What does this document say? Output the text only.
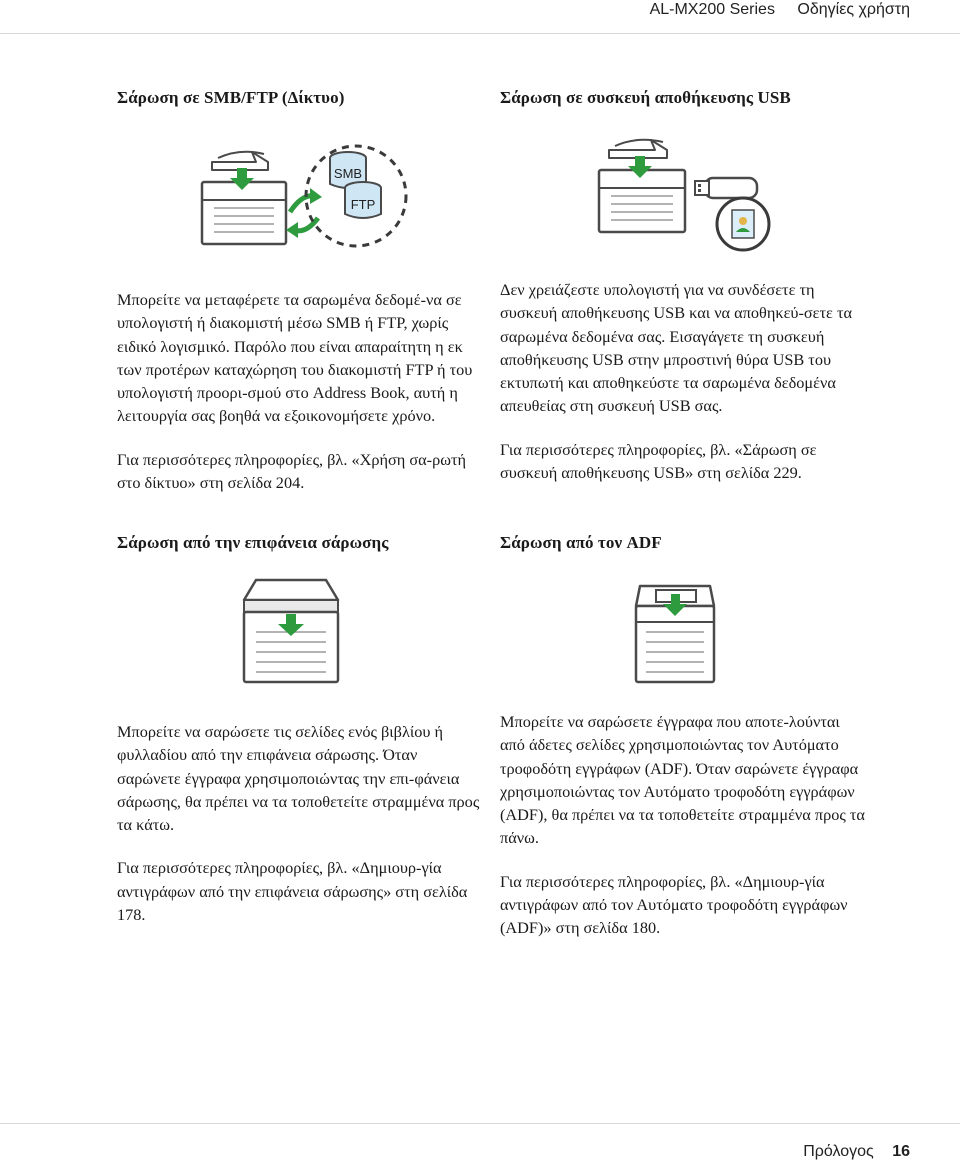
AL-MX200 Series Οδηγίες χρήστη
Σάρωση σε SMB/FTP (Δίκτυο)
SMB
FTP

Μπορείτε να μεταφέρετε τα σαρωμένα δεδομέ-να σε υπολογιστή ή διακομιστή μέσω SMB ή FTP, χωρίς ειδικό λογισμικό. Παρόλο που είναι απαραίτητη η εκ των προτέρων καταχώρηση του διακομιστή FTP ή του υπολογιστή προορι-σμού στο Address Book, αυτή η λειτουργία σας βοηθά να εξοικονομήσετε χρόνο.

Για περισσότερες πληροφορίες, βλ. «Χρήση σα-ρωτή στο δίκτυο» στη σελίδα 204.

Σάρωση σε συσκευή αποθήκευσης USB

Δεν χρειάζεστε υπολογιστή για να συνδέσετε τη συσκευή αποθήκευσης USB και να αποθηκεύ-σετε τα σαρωμένα δεδομένα σας. Εισαγάγετε τη συσκευή αποθήκευσης USB στην μπροστινή θύρα USB του εκτυπωτή και αποθηκεύστε τα σαρωμένα δεδομένα απευθείας στη συσκευή USB σας.

Για περισσότερες πληροφορίες, βλ. «Σάρωση σε συσκευή αποθήκευσης USB» στη σελίδα 229.

Σάρωση από την επιφάνεια σάρωσης

Μπορείτε να σαρώσετε τις σελίδες ενός βιβλίου ή φυλλαδίου από την επιφάνεια σάρωσης. Όταν σαρώνετε έγγραφα χρησιμοποιώντας την επι-φάνεια σάρωσης, θα πρέπει να τα τοποθετείτε στραμμένα προς τα κάτω.

Για περισσότερες πληροφορίες, βλ. «Δημιουρ-γία αντιγράφων από την επιφάνεια σάρωσης» στη σελίδα 178.

Σάρωση από τον ADF

Μπορείτε να σαρώσετε έγγραφα που αποτε-λούνται από άδετες σελίδες χρησιμοποιώντας τον Αυτόματο τροφοδότη εγγράφων (ADF). Όταν σαρώνετε έγγραφα χρησιμοποιώντας τον Αυτόματο τροφοδότη εγγράφων (ADF), θα πρέπει να τα τοποθετείτε στραμμένα προς τα πάνω.

Για περισσότερες πληροφορίες, βλ. «Δημιουρ-γία αντιγράφων από τον Αυτόματο τροφοδότη εγγράφων (ADF)» στη σελίδα 180.

Πρόλογος 16
